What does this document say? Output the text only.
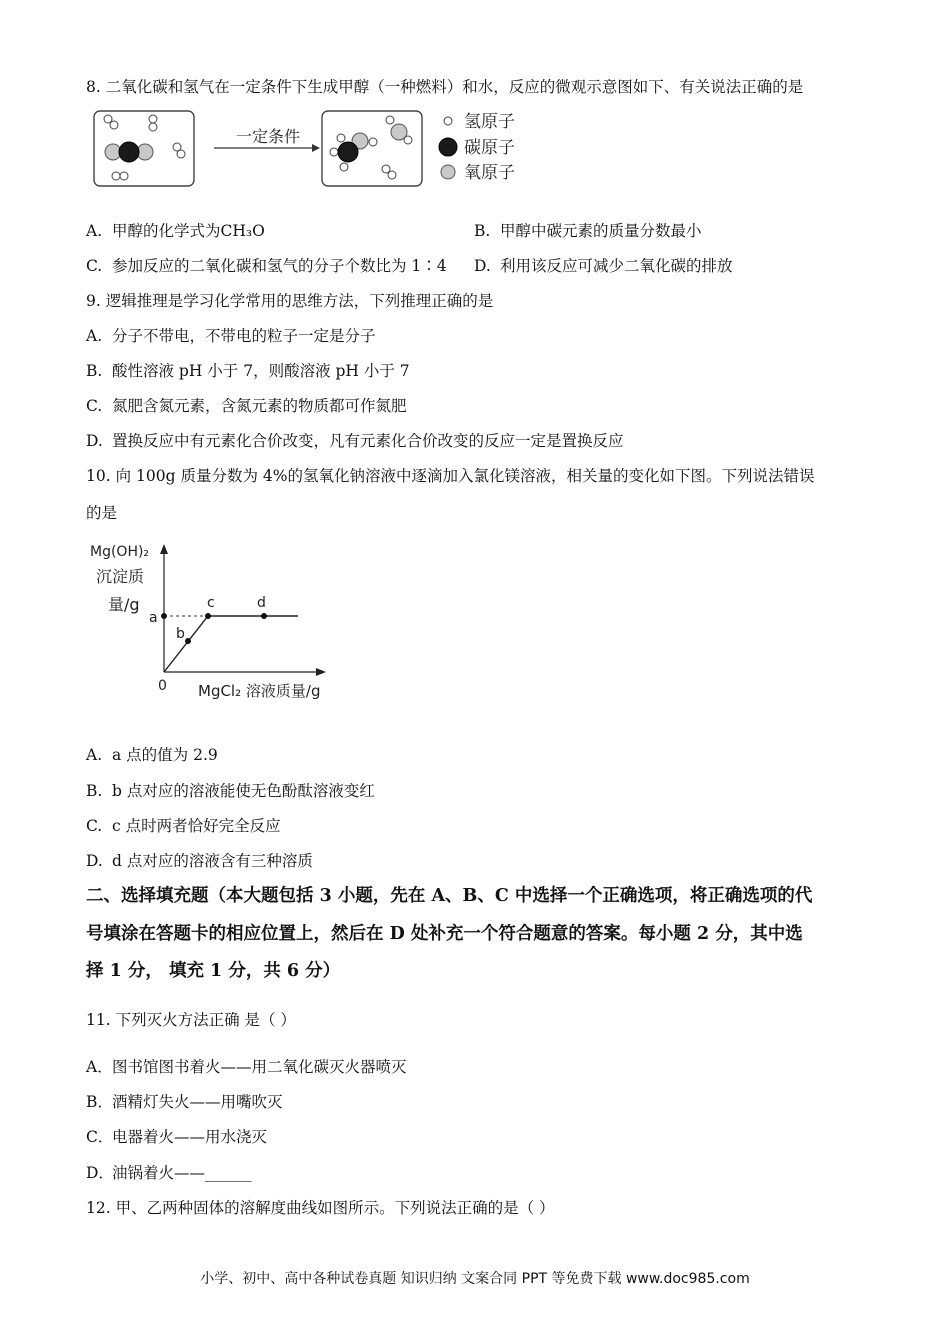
8. 二氧化碳和氢气在一定条件下生成甲醇（一种燃料）和水，反应的微观示意图如下、有关说法正确的是
一定条件
氢原子
碳原子
氧原子
A. 甲醇的化学式为CH₃O	B. 甲醇中碳元素的质量分数最小
C. 参加反应的二氧化碳和氢气的分子个数比为 1∶4 D. 利用该反应可减少二氧化碳的排放
9. 逻辑推理是学习化学常用的思维方法，下列推理正确的是
A. 分子不带电，不带电的粒子一定是分子
B. 酸性溶液 pH 小于 7，则酸溶液 pH 小于 7
C. 氮肥含氮元素，含氮元素的物质都可作氮肥
D. 置换反应中有元素化合价改变，凡有元素化合价改变的反应一定是置换反应
10. 向 100g 质量分数为 4%的氢氧化钠溶液中逐滴加入氯化镁溶液，相关量的变化如下图。下列说法错误
的是
Mg(OH)₂
沉淀质
量/g
a
b
c	d
0 MgCl₂ 溶液质量/g
A. a 点的值为 2.9
B. b 点对应的溶液能使无色酚酞溶液变红
C. c 点时两者恰好完全反应
D. d 点对应的溶液含有三种溶质
二、选择填充题（本大题包括 3 小题，先在 A、B、C 中选择一个正确选项，将正确选项的代
号填涂在答题卡的相应位置上，然后在 D 处补充一个符合题意的答案。每小题 2 分，其中选
择 1 分， 填充 1 分，共 6 分）
11. 下列灭火方法正确 是（ ）
A．图书馆图书着火——用二氧化碳灭火器喷灭
B．酒精灯失火——用嘴吹灭
C．电器着火——用水浇灭
D．油锅着火——______
12. 甲、乙两种固体的溶解度曲线如图所示。下列说法正确的是（ ）
小学、初中、高中各种试卷真题 知识归纳 文案合同 PPT 等免费下载 www.doc985.com
